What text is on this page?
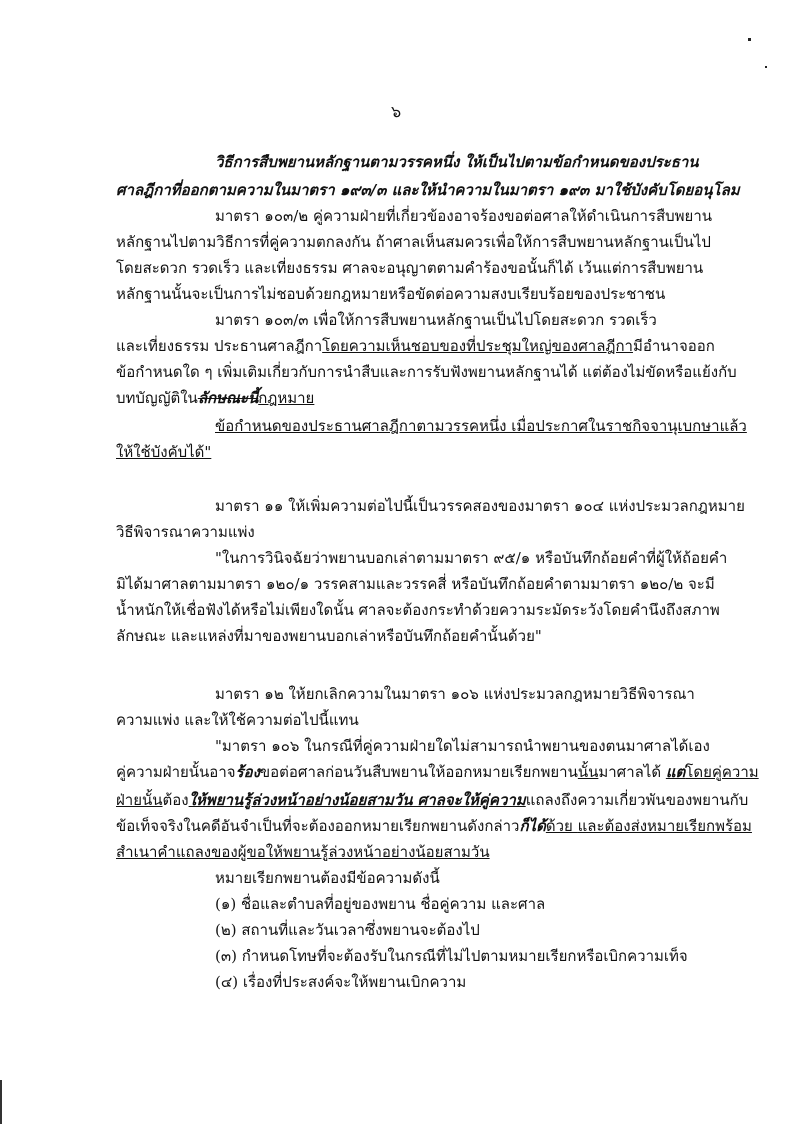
๖
วิธีการสืบพยานหลักฐานตามวรรคหนึ่ง ให้เป็นไปตามข้อกำหนดของประธาน
ศาลฎีกาที่ออกตามความในมาตรา ๑๙๓/๓ และให้นำความในมาตรา ๑๙๓ มาใช้บังคับโดยอนุโลม
มาตรา ๑๐๓/๒ คู่ความฝ่ายที่เกี่ยวข้องอาจร้องขอต่อศาลให้ดำเนินการสืบพยาน
หลักฐานไปตามวิธีการที่คู่ความตกลงกัน ถ้าศาลเห็นสมควรเพื่อให้การสืบพยานหลักฐานเป็นไป
โดยสะดวก รวดเร็ว และเที่ยงธรรม ศาลจะอนุญาตตามคำร้องขอนั้นก็ได้ เว้นแต่การสืบพยาน
หลักฐานนั้นจะเป็นการไม่ชอบด้วยกฎหมายหรือขัดต่อความสงบเรียบร้อยของประชาชน
มาตรา ๑๐๓/๓ เพื่อให้การสืบพยานหลักฐานเป็นไปโดยสะดวก รวดเร็ว
และเที่ยงธรรม ประธานศาลฎีกาโดยความเห็นชอบของที่ประชุมใหญ่ของศาลฎีกามีอำนาจออก
ข้อกำหนดใด ๆ เพิ่มเติมเกี่ยวกับการนำสืบและการรับฟังพยานหลักฐานได้ แต่ต้องไม่ขัดหรือแย้งกับ
บทบัญญัติในลักษณะนี้กฎหมาย
ข้อกำหนดของประธานศาลฎีกาตามวรรคหนึ่ง เมื่อประกาศในราชกิจจานุเบกษาแล้ว
ให้ใช้บังคับได้"
มาตรา ๑๑ ให้เพิ่มความต่อไปนี้เป็นวรรคสองของมาตรา ๑๐๔ แห่งประมวลกฎหมาย
วิธีพิจารณาความแพ่ง
"ในการวินิจฉัยว่าพยานบอกเล่าตามมาตรา ๙๕/๑ หรือบันทึกถ้อยคำที่ผู้ให้ถ้อยคำ
มิได้มาศาลตามมาตรา ๑๒๐/๑ วรรคสามและวรรคสี่ หรือบันทึกถ้อยคำตามมาตรา ๑๒๐/๒ จะมี
น้ำหนักให้เชื่อฟังได้หรือไม่เพียงใดนั้น ศาลจะต้องกระทำด้วยความระมัดระวังโดยคำนึงถึงสภาพ
ลักษณะ และแหล่งที่มาของพยานบอกเล่าหรือบันทึกถ้อยคำนั้นด้วย"
มาตรา ๑๒ ให้ยกเลิกความในมาตรา ๑๐๖ แห่งประมวลกฎหมายวิธีพิจารณา
ความแพ่ง และให้ใช้ความต่อไปนี้แทน
"มาตรา ๑๐๖ ในกรณีที่คู่ความฝ่ายใดไม่สามารถนำพยานของตนมาศาลได้เอง
คู่ความฝ่ายนั้นอาจร้องขอต่อศาลก่อนวันสืบพยานให้ออกหมายเรียกพยานนั้นมาศาลได้ แต่โดยคู่ความ
ฝ่ายนั้นต้องให้พยานรู้ล่วงหน้าอย่างน้อยสามวัน ศาลจะให้คู่ความแถลงถึงความเกี่ยวพันของพยานกับ
ข้อเท็จจริงในคดีอันจำเป็นที่จะต้องออกหมายเรียกพยานดังกล่าวก็ได้ด้วย และต้องส่งหมายเรียกพร้อม
สำเนาคำแถลงของผู้ขอให้พยานรู้ล่วงหน้าอย่างน้อยสามวัน
หมายเรียกพยานต้องมีข้อความดังนี้
(๑) ชื่อและตำบลที่อยู่ของพยาน ชื่อคู่ความ และศาล
(๒) สถานที่และวันเวลาซึ่งพยานจะต้องไป
(๓) กำหนดโทษที่จะต้องรับในกรณีที่ไม่ไปตามหมายเรียกหรือเบิกความเท็จ
(๔) เรื่องที่ประสงค์จะให้พยานเบิกความ
